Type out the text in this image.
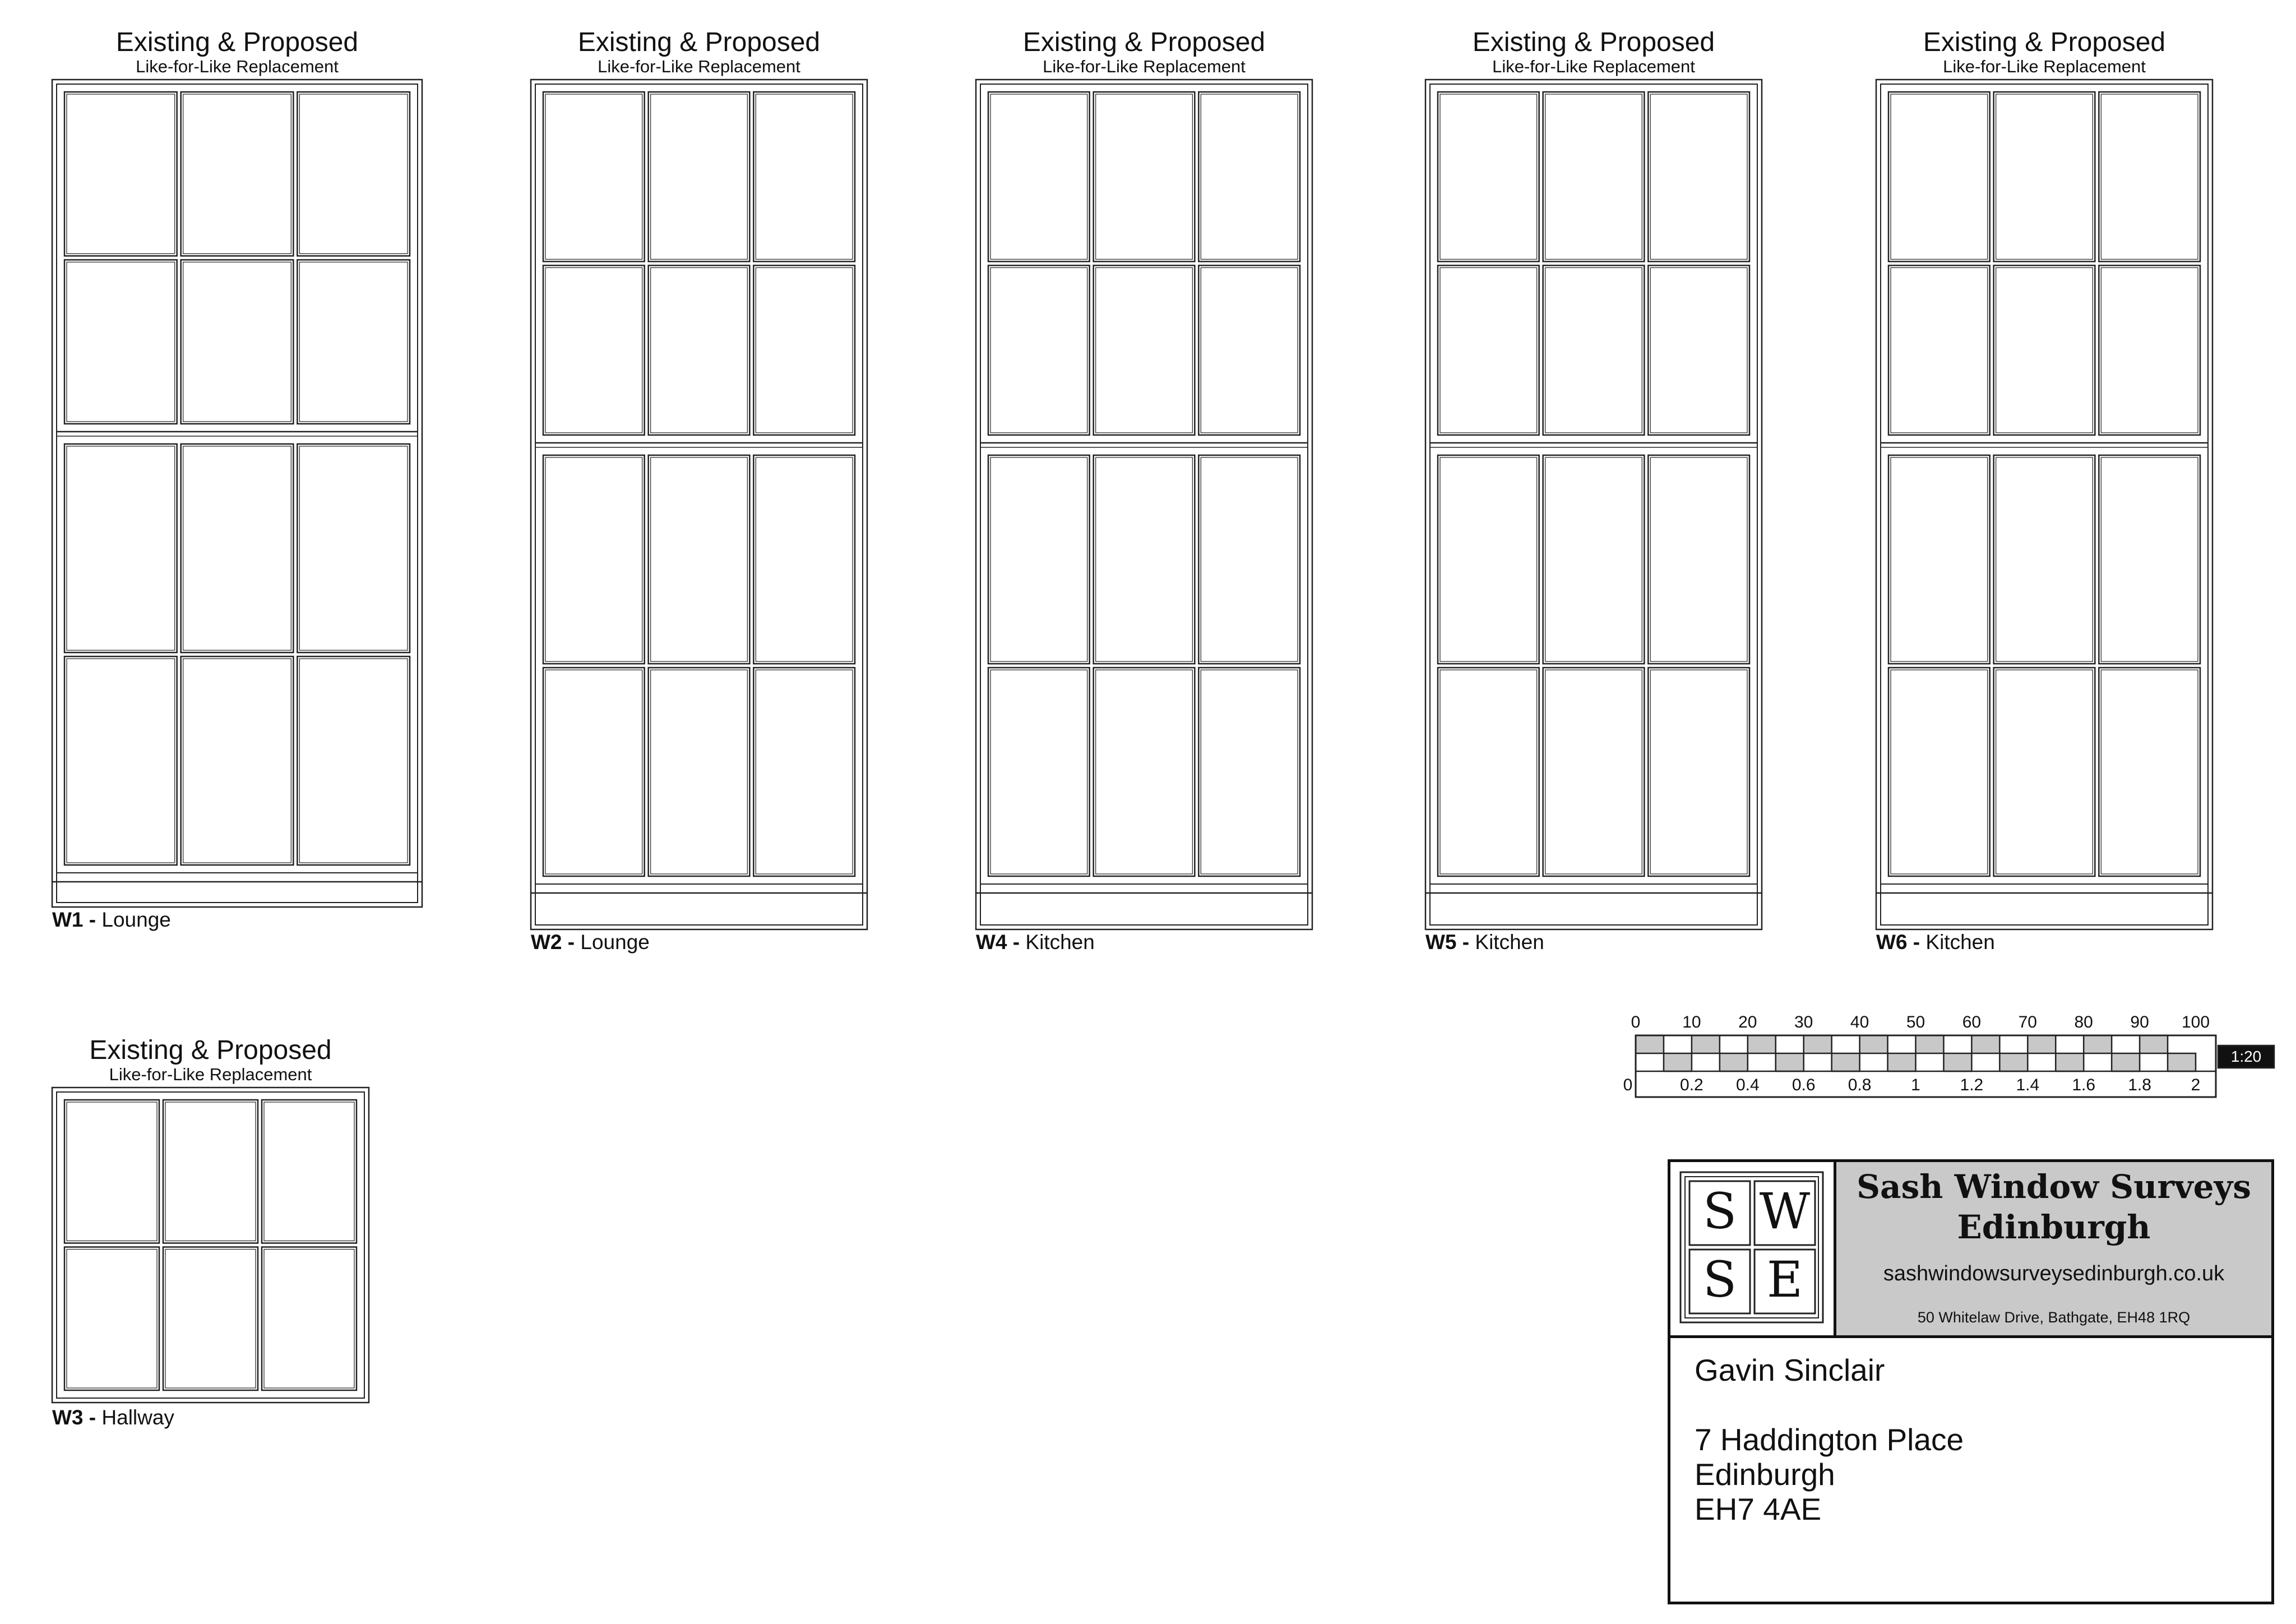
Existing & Proposed
Like-for-Like Replacement
W1 - Lounge
Existing & Proposed
Like-for-Like Replacement
W2 - Lounge
Existing & Proposed
Like-for-Like Replacement
W4 - Kitchen
Existing & Proposed
Like-for-Like Replacement
W5 - Kitchen
Existing & Proposed
Like-for-Like Replacement
W6 - Kitchen
Existing & Proposed
Like-for-Like Replacement
W3 - Hallway
1:20
0 10 20 30 40 50 60 70 80 90 100
0	0.2 0.4 0.6 0.8 1 1.2 1.4 1.6 1.8 2
S W
S E
Sash Window Surveys
Edinburgh
sashwindowsurveysedinburgh.co.uk
50 Whitelaw Drive, Bathgate, EH48 1RQ
Gavin Sinclair
7 Haddington Place
Edinburgh
EH7 4AE
